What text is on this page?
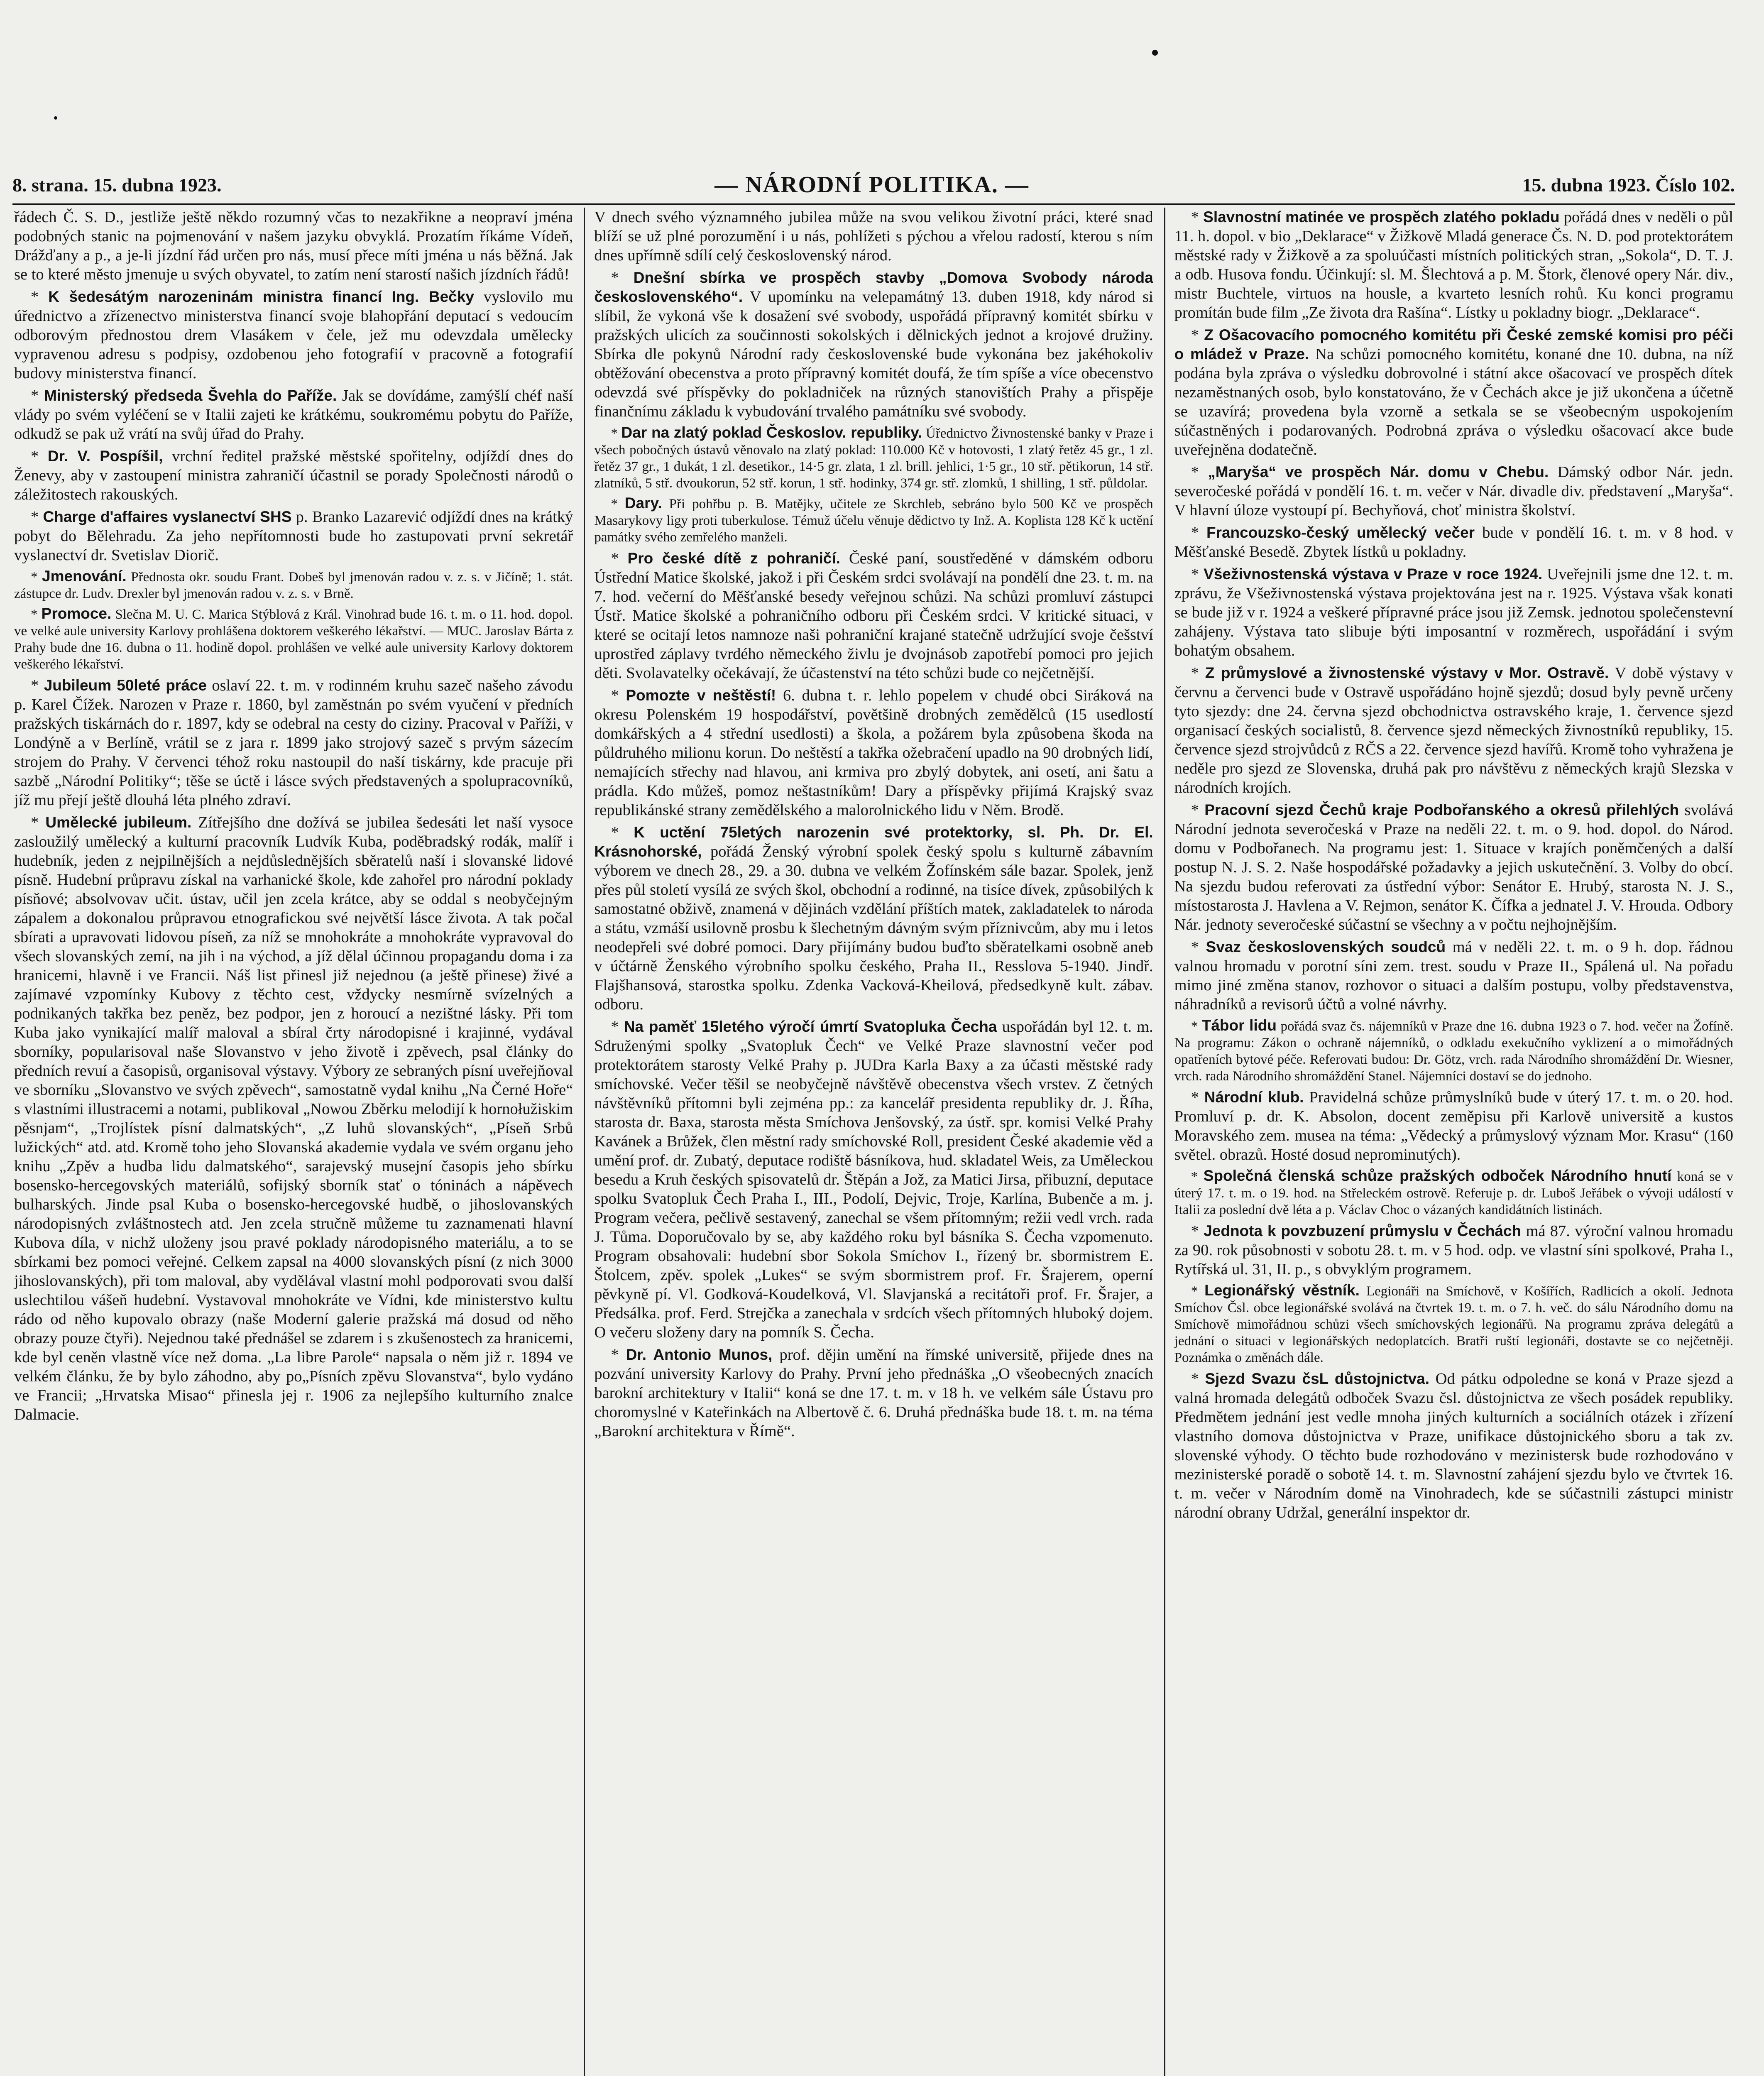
8. strana. 15. dubna 1923.	— NÁRODNÍ POLITIKA. —	15. dubna 1923. Číslo 102.

řádech Č. S. D., jestliže ještě někdo rozumný včas to nezakřikne a neopraví jména podobných stanic na pojmenování v našem jazyku obvyklá. Prozatím říkáme Vídeň, Drážďany a p., a je-li jízdní řád určen pro nás, musí přece míti jména u nás běžná. Jak se to které město jmenuje u svých obyvatel, to zatím není starostí našich jízdních řádů!

* K šedesátým narozeninám ministra financí Ing. Bečky vyslovilo mu úřednictvo a zřízenectvo ministerstva financí svoje blahopřání deputací s vedoucím odborovým přednostou drem Vlasákem v čele, jež mu odevzdala umělecky vypravenou adresu s podpisy, ozdobenou jeho fotografií v pracovně a fotografií budovy ministerstva financí.

* Ministerský předseda Švehla do Paříže. Jak se dovídáme, zamýšlí chéf naší vlády po svém vyléčení se v Italii zajeti ke krátkému, soukromému pobytu do Paříže, odkudž se pak už vrátí na svůj úřad do Prahy.

* Dr. V. Pospíšil, vrchní ředitel pražské městské spořitelny, odjíždí dnes do Ženevy, aby v zastoupení ministra zahraničí účastnil se porady Společnosti národů o záležitostech rakouských.

* Charge d'affaires vyslanectví SHS p. Branko Lazarević odjíždí dnes na krátký pobyt do Bělehradu. Za jeho nepřítomnosti bude ho zastupovati první sekretář vyslanectví dr. Svetislav Diorič.

* Jmenování. Přednosta okr. soudu Frant. Dobeš byl jmenován radou v. z. s. v Jičíně; 1. stát. zástupce dr. Ludv. Drexler byl jmenován radou v. z. s. v Brně.

* Promoce. Slečna M. U. C. Marica Stýblová z Král. Vinohrad bude 16. t. m. o 11. hod. dopol. ve velké aule university Karlovy prohlášena doktorem veškerého lékařství. — MUC. Jaroslav Bárta z Prahy bude dne 16. dubna o 11. hodině dopol. prohlášen ve velké aule university Karlovy doktorem veškerého lékařství.

* Jubileum 50leté práce oslaví 22. t. m. v rodinném kruhu sazeč našeho závodu p. Karel Čížek. Narozen v Praze r. 1860, byl zaměstnán po svém vyučení v předních pražských tiskárnách do r. 1897, kdy se odebral na cesty do ciziny. Pracoval v Paříži, v Londýně a v Berlíně, vrátil se z jara r. 1899 jako strojový sazeč s prvým sázecím strojem do Prahy. V červenci téhož roku nastoupil do naší tiskárny, kde pracuje při sazbě „Národní Politiky“; těše se úctě i lásce svých představených a spolupracovníků, jíž mu přejí ještě dlouhá léta plného zdraví.

* Umělecké jubileum. Zítřejšího dne dožívá se jubilea šedesáti let naší vysoce zasloužilý umělecký a kulturní pracovník Ludvík Kuba, poděbradský rodák, malíř i hudebník, jeden z nejpilnějších a nejdůslednějších sběratelů naší i slovanské lidové písně. Hudební průpravu získal na varhanické škole, kde zahořel pro národní poklady písňové; absolvovav učit. ústav, učil jen zcela krátce, aby se oddal s neobyčejným zápalem a dokonalou průpravou etnografickou své největší lásce života. A tak počal sbírati a upravovati lidovou píseň, za níž se mnohokráte a mnohokráte vypravoval do všech slovanských zemí, na jih i na východ, a jíž dělal účinnou propagandu doma i za hranicemi, hlavně i ve Francii. Náš list přinesl již nejednou (a ještě přinese) živé a zajímavé vzpomínky Kubovy z těchto cest, vždycky nesmírně svízelných a podnikaných takřka bez peněz, bez podpor, jen z horoucí a nezištné lásky. Při tom Kuba jako vynikající malíř maloval a sbíral črty národopisné i krajinné, vydával sborníky, popularisoval naše Slovanstvo v jeho životě i zpěvech, psal články do předních revuí a časopisů, organisoval výstavy. Výbory ze sebraných písní uveřejňoval ve sborníku „Slovanstvo ve svých zpěvech“, samostatně vydal knihu „Na Černé Hoře“ s vlastními illustracemi a notami, publikoval „Nowou Zběrku melodijí k hornołužiskim pěsnjam“, „Trojlístek písní dalmatských“, „Z luhů slovanských“, „Píseň Srbů lužických“ atd. atd. Kromě toho jeho Slovanská akademie vydala ve svém organu jeho knihu „Zpěv a hudba lidu dalmatského“, sarajevský musejní časopis jeho sbírku bosensko-hercegovských materiálů, sofijský sborník stať o tóninách a nápěvech bulharských. Jinde psal Kuba o bosensko-hercegovské hudbě, o jihoslovanských národopisných zvláštnostech atd. Jen zcela stručně můžeme tu zaznamenati hlavní Kubova díla, v nichž uloženy jsou pravé poklady národopisného materiálu, a to se sbírkami bez pomoci veřejné. Celkem zapsal na 4000 slovanských písní (z nich 3000 jihoslovanských), při tom maloval, aby vydělával vlastní mohl podporovati svou další uslechtilou vášeň hudební. Vystavoval mnohokráte ve Vídni, kde ministerstvo kultu rádo od něho kupovalo obrazy (naše Moderní galerie pražská má dosud od něho obrazy pouze čtyři). Nejednou také přednášel se zdarem i s zkušenostech za hranicemi, kde byl ceněn vlastně více než doma. „La libre Parole“ napsala o něm již r. 1894 ve velkém článku, že by bylo záhodno, aby po„Písních zpěvu Slovanstva“, bylo vydáno ve Francii; „Hrvatska Misao“ přinesla jej r. 1906 za nejlepšího kulturního znalce Dalmacie.

V dnech svého významného jubilea může na svou velikou životní práci, které snad blíží se už plné porozumění i u nás, pohlížeti s pýchou a vřelou radostí, kterou s ním dnes upřímně sdílí celý československý národ.

* Dnešní sbírka ve prospěch stavby „Domova Svobody národa československého“. V upomínku na velepamátný 13. duben 1918, kdy národ si slíbil, že vykoná vše k dosažení své svobody, uspořádá přípravný komitét sbírku v pražských ulicích za součinnosti sokolských i dělnických jednot a krojové družiny. Sbírka dle pokynů Národní rady československé bude vykonána bez jakéhokoliv obtěžování obecenstva a proto přípravný komitét doufá, že tím spíše a více obecenstvo odevzdá své příspěvky do pokladniček na různých stanovištích Prahy a přispěje finančnímu základu k vybudování trvalého památníku své svobody.

* Dar na zlatý poklad Českoslov. republiky. Úřednictvo Živnostenské banky v Praze i všech pobočných ústavů věnovalo na zlatý poklad: 110.000 Kč v hotovosti, 1 zlatý řetěz 45 gr., 1 zl. řetěz 37 gr., 1 dukát, 1 zl. desetikor., 14·5 gr. zlata, 1 zl. brill. jehlici, 1·5 gr., 10 stř. pětikorun, 14 stř. zlatníků, 5 stř. dvoukorun, 52 stř. korun, 1 stř. hodinky, 374 gr. stř. zlomků, 1 shilling, 1 stř. půldolar.

* Dary. Při pohřbu p. B. Matějky, učitele ze Skrchleb, sebráno bylo 500 Kč ve prospěch Masarykovy ligy proti tuberkulose. Témuž účelu věnuje dědictvo ty Inž. A. Koplista 128 Kč k uctění památky svého zemřelého manželi.

* Pro české dítě z pohraničí. České paní, soustředěné v dámském odboru Ústřední Matice školské, jakož i při Českém srdci svolávají na pondělí dne 23. t. m. na 7. hod. večerní do Měšťanské besedy veřejnou schůzi. Na schůzi promluví zástupci Ústř. Matice školské a pohraničního odboru při Českém srdci. V kritické situaci, v které se ocitají letos namnoze naši pohraniční krajané statečně udržující svoje češství uprostřed záplavy tvrdého německého živlu je dvojnásob zapotřebí pomoci pro jejich děti. Svolavatelky očekávají, že účastenství na této schůzi bude co nejčetnější.

* Pomozte v neštěstí! 6. dubna t. r. lehlo popelem v chudé obci Siráková na okresu Polenském 19 hospodářství, povětšině drobných zemědělců (15 usedlostí domkářských a 4 střední usedlosti) a škola, a požárem byla způsobena škoda na půldruhého milionu korun. Do neštěstí a takřka ožebračení upadlo na 90 drobných lidí, nemajících střechy nad hlavou, ani krmiva pro zbylý dobytek, ani osetí, ani šatu a prádla. Kdo můžeš, pomoz neštastníkům! Dary a příspěvky přijímá Krajský svaz republikánské strany zemědělského a malorolnického lidu v Něm. Brodě.

* K uctění 75letých narozenin své protektorky, sl. Ph. Dr. El. Krásnohorské, pořádá Ženský výrobní spolek český spolu s kulturně zábavním výborem ve dnech 28., 29. a 30. dubna ve velkém Žofínském sále bazar. Spolek, jenž přes půl století vysílá ze svých škol, obchodní a rodinné, na tisíce dívek, způsobilých k samostatné obživě, znamená v dějinách vzdělání příštích matek, zakladatelek to národa a státu, vzmáší usilovně prosbu k šlechetným dávným svým příznivcům, aby mu i letos neodepřeli své dobré pomoci. Dary přijímány budou buďto sběratelkami osobně aneb v účtárně Ženského výrobního spolku českého, Praha II., Resslova 5-1940. Jindř. Flajšhansová, starostka spolku. Zdenka Vacková-Kheilová, předsedkyně kult. zábav. odboru.

* Na paměť 15letého výročí úmrtí Svatopluka Čecha uspořádán byl 12. t. m. Sdruženými spolky „Svatopluk Čech“ ve Velké Praze slavnostní večer pod protektorátem starosty Velké Prahy p. JUDra Karla Baxy a za účasti městské rady smíchovské. Večer těšil se neobyčejně návštěvě obecenstva všech vrstev. Z četných návštěvníků přítomni byli zejména pp.: za kancelář presidenta republiky dr. J. Říha, starosta dr. Baxa, starosta města Smíchova Jenšovský, za ústř. spr. komisi Velké Prahy Kavánek a Brůžek, člen městní rady smíchovské Roll, president České akademie věd a umění prof. dr. Zubatý, deputace rodiště básníkova, hud. skladatel Weis, za Uměleckou besedu a Kruh českých spisovatelů dr. Štěpán a Jož, za Matici Jirsa, přibuzní, deputace spolku Svatopluk Čech Praha I., III., Podolí, Dejvic, Troje, Karlína, Bubenče a m. j. Program večera, pečlivě sestavený, zanechal se všem přítomným; režii vedl vrch. rada J. Tůma. Doporučovalo by se, aby každého roku byl básníka S. Čecha vzpomenuto. Program obsahovali: hudební sbor Sokola Smíchov I., řízený br. sbormistrem E. Štolcem, zpěv. spolek „Lukes“ se svým sbormistrem prof. Fr. Šrajerem, operní pěvkyně pí. Vl. Godková-Koudelková, Vl. Slavjanská a recitátoři prof. Fr. Šrajer, a Předsálka. prof. Ferd. Strejčka a zanechala v srdcích všech přítomných hluboký dojem. O večeru složeny dary na pomník S. Čecha.

* Dr. Antonio Munos, prof. dějin umění na římské universitě, přijede dnes na pozvání university Karlovy do Prahy. První jeho přednáška „O všeobecných znacích barokní architektury v Italii“ koná se dne 17. t. m. v 18 h. ve velkém sále Ústavu pro choromyslné v Kateřinkách na Albertově č. 6. Druhá přednáška bude 18. t. m. na téma „Barokní architektura v Římě“.

* Slavnostní matinée ve prospěch zlatého pokladu pořádá dnes v neděli o půl 11. h. dopol. v bio „Deklarace“ v Žižkově Mladá generace Čs. N. D. pod protektorátem městské rady v Žižkově a za spoluúčasti místních politických stran, „Sokola“, D. T. J. a odb. Husova fondu. Účinkují: sl. M. Šlechtová a p. M. Štork, členové opery Nár. div., mistr Buchtele, virtuos na housle, a kvarteto lesních rohů. Ku konci programu promítán bude film „Ze života dra Rašína“. Lístky u pokladny biogr. „Deklarace“.

* Z Ošacovacího pomocného komitétu při České zemské komisi pro péči o mládež v Praze. Na schůzi pomocného komitétu, konané dne 10. dubna, na níž podána byla zpráva o výsledku dobrovolné i státní akce ošacovací ve prospěch dítek nezaměstnaných osob, bylo konstatováno, že v Čechách akce je již ukončena a účetně se uzavírá; provedena byla vzorně a setkala se se všeobecným uspokojením súčastněných i podarovaných. Podrobná zpráva o výsledku ošacovací akce bude uveřejněna dodatečně.

* „Maryša“ ve prospěch Nár. domu v Chebu. Dámský odbor Nár. jedn. severočeské pořádá v pondělí 16. t. m. večer v Nár. divadle div. představení „Maryša“. V hlavní úloze vystoupí pí. Bechyňová, choť ministra školství.

* Francouzsko-český umělecký večer bude v pondělí 16. t. m. v 8 hod. v Měšťanské Besedě. Zbytek lístků u pokladny.

* Všeživnostenská výstava v Praze v roce 1924. Uveřejnili jsme dne 12. t. m. zprávu, že Všeživnostenská výstava projektována jest na r. 1925. Výstava však konati se bude již v r. 1924 a veškeré přípravné práce jsou již Zemsk. jednotou společenstevní zahájeny. Výstava tato slibuje býti imposantní v rozměrech, uspořádání i svým bohatým obsahem.

* Z průmyslové a živnostenské výstavy v Mor. Ostravě. V době výstavy v červnu a červenci bude v Ostravě uspořádáno hojně sjezdů; dosud byly pevně určeny tyto sjezdy: dne 24. června sjezd obchodnictva ostravského kraje, 1. července sjezd organisací českých socialistů, 8. července sjezd německých živnostníků republiky, 15. července sjezd strojvůdců z RČS a 22. července sjezd havířů. Kromě toho vyhražena je neděle pro sjezd ze Slovenska, druhá pak pro návštěvu z německých krajů Slezska v národních krojích.

* Pracovní sjezd Čechů kraje Podbořanského a okresů přilehlých svolává Národní jednota severočeská v Praze na neděli 22. t. m. o 9. hod. dopol. do Národ. domu v Podbořanech. Na programu jest: 1. Situace v krajích poněmčených a další postup N. J. S. 2. Naše hospodářské požadavky a jejich uskutečnění. 3. Volby do obcí. Na sjezdu budou referovati za ústřední výbor: Senátor E. Hrubý, starosta N. J. S., místostarosta J. Havlena a V. Rejmon, senátor K. Čífka a jednatel J. V. Hrouda. Odbory Nár. jednoty severočeské súčastní se všechny a v počtu nejhojnějším.

* Svaz československých soudců má v neděli 22. t. m. o 9 h. dop. řádnou valnou hromadu v porotní síni zem. trest. soudu v Praze II., Spálená ul. Na pořadu mimo jiné změna stanov, rozhovor o situaci a dalším postupu, volby představenstva, náhradníků a revisorů účtů a volné návrhy.

* Tábor lidu pořádá svaz čs. nájemníků v Praze dne 16. dubna 1923 o 7. hod. večer na Žofíně. Na programu: Zákon o ochraně nájemníků, o odkladu exekučního vyklizení a o mimořádných opatřeních bytové péče. Referovati budou: Dr. Götz, vrch. rada Národního shromáždění Dr. Wiesner, vrch. rada Národního shromáždění Stanel. Nájemníci dostaví se do jednoho.

* Národní klub. Pravidelná schůze průmyslníků bude v úterý 17. t. m. o 20. hod. Promluví p. dr. K. Absolon, docent zeměpisu při Karlově universitě a kustos Moravského zem. musea na téma: „Vědecký a průmyslový význam Mor. Krasu“ (160 světel. obrazů. Hosté dosud neprominutých).

* Společná členská schůze pražských odboček Národního hnutí koná se v úterý 17. t. m. o 19. hod. na Střeleckém ostrově. Referuje p. dr. Luboš Jeřábek o vývoji událostí v Italii za poslední dvě léta a p. Václav Choc o vázaných kandidátních listinách.

* Jednota k povzbuzení průmyslu v Čechách má 87. výroční valnou hromadu za 90. rok působnosti v sobotu 28. t. m. v 5 hod. odp. ve vlastní síni spolkové, Praha I., Rytířská ul. 31, II. p., s obvyklým programem.

* Legionářský věstník. Legionáři na Smíchově, v Košířích, Radlicích a okolí. Jednota Smíchov Čsl. obce legionářské svolává na čtvrtek 19. t. m. o 7. h. več. do sálu Národního domu na Smíchově mimořádnou schůzi všech smíchovských legionářů. Na programu zpráva delegátů a jednání o situaci v legionářských nedoplatcích. Bratři ruští legionáři, dostavte se co nejčetněji. Poznámka o změnách dále.

* Sjezd Svazu čsL důstojnictva. Od pátku odpoledne se koná v Praze sjezd a valná hromada delegátů odboček Svazu čsl. důstojnictva ze všech posádek republiky. Předmětem jednání jest vedle mnoha jiných kulturních a sociálních otázek i zřízení vlastního domova důstojnictva v Praze, unifikace důstojnického sboru a tak zv. slovenské výhody. O těchto bude rozhodováno v mezinistersk bude rozhodováno v mezinisterské poradě o sobotě 14. t. m. Slavnostní zahájení sjezdu bylo ve čtvrtek 16. t. m. večer v Národním domě na Vinohradech, kde se súčastnili zástupci ministr národní obrany Udržal, generální inspektor dr.
